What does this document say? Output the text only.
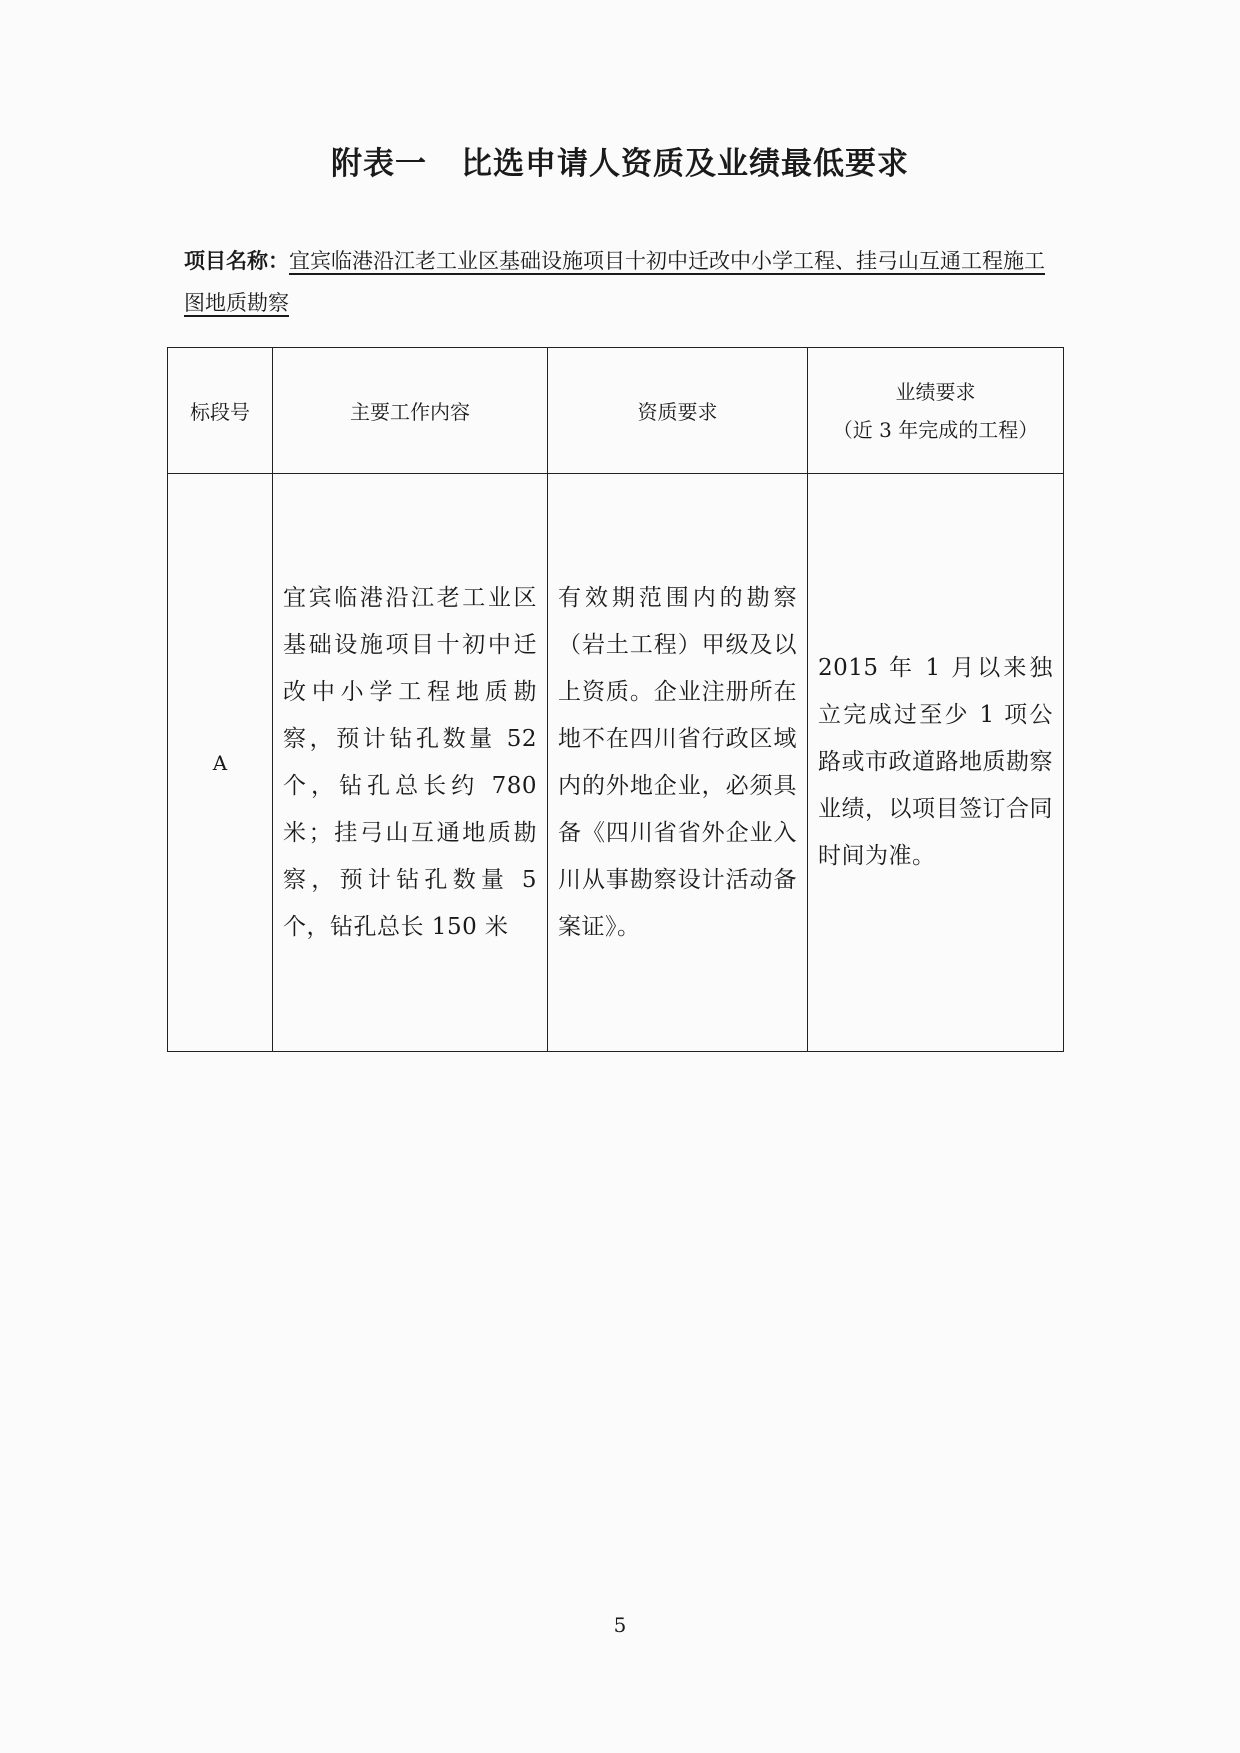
附表一 比选申请人资质及业绩最低要求
项目名称：宜宾临港沿江老工业区基础设施项目十初中迁改中小学工程、挂弓山互通工程施工图地质勘察
标段号	主要工作内容	资质要求	业绩要求
（近 3 年完成的工程）

A	宜宾临港沿江老工业区基础设施项目十初中迁改中小学工程地质勘察，预计钻孔数量 52 个，钻孔总长约 780 米；挂弓山互通地质勘察，预计钻孔数量 5 个，钻孔总长 150 米	有效期范围内的勘察（岩土工程）甲级及以上资质。企业注册所在地不在四川省行政区域内的外地企业，必须具备《四川省省外企业入川从事勘察设计活动备案证》。	2015 年 1 月以来独立完成过至少 1 项公路或市政道路地质勘察业绩，以项目签订合同时间为准。
5
